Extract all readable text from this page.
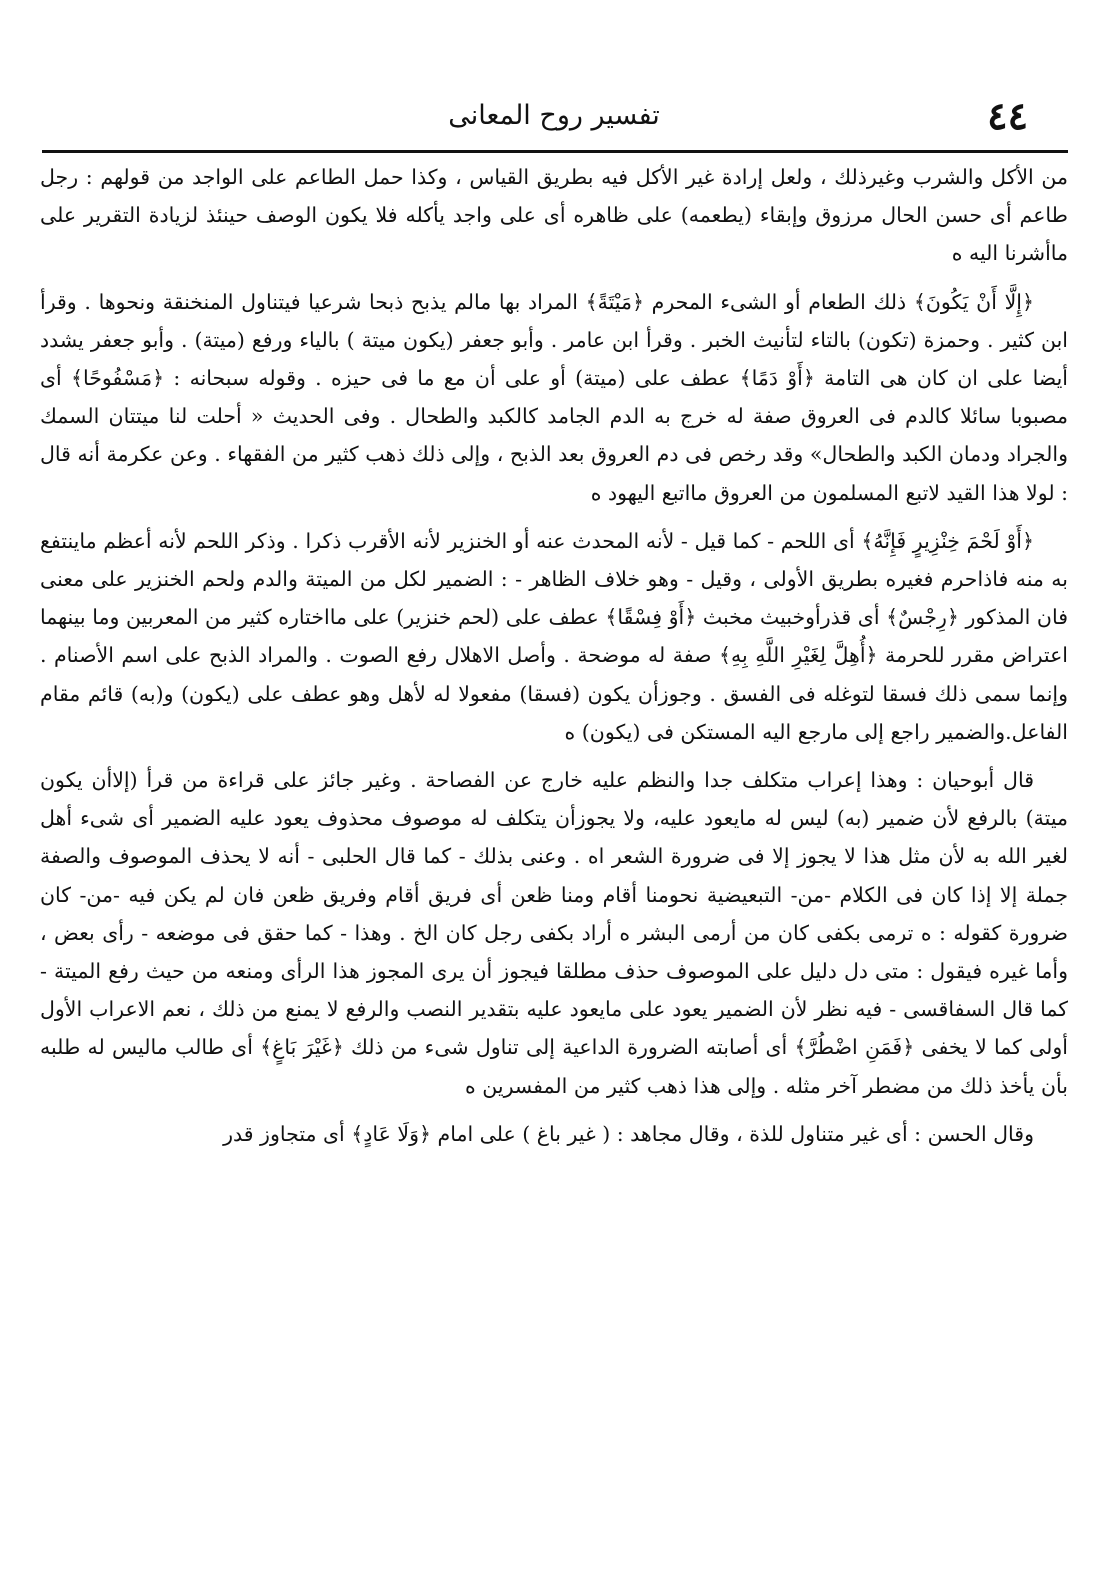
٤٤
تفسير روح المعانى

من الأكل والشرب وغيرذلك ، ولعل إرادة غير الأكل فيه بطريق القياس ، وكذا حمل الطاعم على الواجد من قولهم : رجل طاعم أى حسن الحال مرزوق وإبقاء (يطعمه) على ظاهره أى على واجد يأكله فلا يكون الوصف حينئذ لزيادة التقرير على ماأشرنا اليه ه

﴿إِلَّا أَنْ يَكُونَ﴾ ذلك الطعام أو الشىء المحرم ﴿مَيْتَةً﴾ المراد بها مالم يذبح ذبحا شرعيا فيتناول المنخنقة ونحوها . وقرأ ابن كثير . وحمزة (تكون) بالتاء لتأنيث الخبر . وقرأ ابن عامر . وأبو جعفر (يكون ميتة ) بالياء ورفع (ميتة) . وأبو جعفر يشدد أيضا على ان كان هى التامة ﴿أَوْ دَمًا﴾ عطف على (ميتة) أو على أن مع ما فى حيزه . وقوله سبحانه : ﴿مَسْفُوحًا﴾ أى مصبوبا سائلا كالدم فى العروق صفة له خرج به الدم الجامد كالكبد والطحال . وفى الحديث « أحلت لنا ميتتان السمك والجراد ودمان الكبد والطحال» وقد رخص فى دم العروق بعد الذبح ، وإلى ذلك ذهب كثير من الفقهاء . وعن عكرمة أنه قال : لولا هذا القيد لاتبع المسلمون من العروق مااتبع اليهود ه

﴿أَوْ لَحْمَ خِنْزِيرٍ فَإِنَّهُ﴾ أى اللحم - كما قيل - لأنه المحدث عنه أو الخنزير لأنه الأقرب ذكرا . وذكر اللحم لأنه أعظم ماينتفع به منه فاذاحرم فغيره بطريق الأولى ، وقيل - وهو خلاف الظاهر - : الضمير لكل من الميتة والدم ولحم الخنزير على معنى فان المذكور ﴿رِجْسٌ﴾ أى قذرأوخبيث مخبث ﴿أَوْ فِسْقًا﴾ عطف على (لحم خنزير) على مااختاره كثير من المعربين وما بينهما اعتراض مقرر للحرمة ﴿أُهِلَّ لِغَيْرِ اللَّهِ بِهِ﴾ صفة له موضحة . وأصل الاهلال رفع الصوت . والمراد الذبح على اسم الأصنام . وإنما سمى ذلك فسقا لتوغله فى الفسق . وجوزأن يكون (فسقا) مفعولا له لأهل وهو عطف على (يكون) و(به) قائم مقام الفاعل.والضمير راجع إلى مارجع اليه المستكن فى (يكون) ه

قال أبوحيان : وهذا إعراب متكلف جدا والنظم عليه خارج عن الفصاحة . وغير جائز على قراءة من قرأ (إلاأن يكون ميتة) بالرفع لأن ضمير (به) ليس له مايعود عليه، ولا يجوزأن يتكلف له موصوف محذوف يعود عليه الضمير أى شىء أهل لغير الله به لأن مثل هذا لا يجوز إلا فى ضرورة الشعر اه . وعنى بذلك - كما قال الحلبى - أنه لا يحذف الموصوف والصفة جملة إلا إذا كان فى الكلام -من- التبعيضية نحومنا أقام ومنا ظعن أى فريق أقام وفريق ظعن فان لم يكن فيه -من- كان ضرورة كقوله : ه ترمى بكفى كان من أرمى البشر ه أراد بكفى رجل كان الخ . وهذا - كما حقق فى موضعه - رأى بعض ، وأما غيره فيقول : متى دل دليل على الموصوف حذف مطلقا فيجوز أن يرى المجوز هذا الرأى ومنعه من حيث رفع الميتة - كما قال السفاقسى - فيه نظر لأن الضمير يعود على مايعود عليه بتقدير النصب والرفع لا يمنع من ذلك ، نعم الاعراب الأول أولى كما لا يخفى ﴿فَمَنِ اضْطُرَّ﴾ أى أصابته الضرورة الداعية إلى تناول شىء من ذلك ﴿غَيْرَ بَاغٍ﴾ أى طالب ماليس له طلبه بأن يأخذ ذلك من مضطر آخر مثله . وإلى هذا ذهب كثير من المفسرين ه

وقال الحسن : أى غير متناول للذة ، وقال مجاهد : ( غير باغ ) على امام ﴿وَلَا عَادٍ﴾ أى متجاوز قدر
